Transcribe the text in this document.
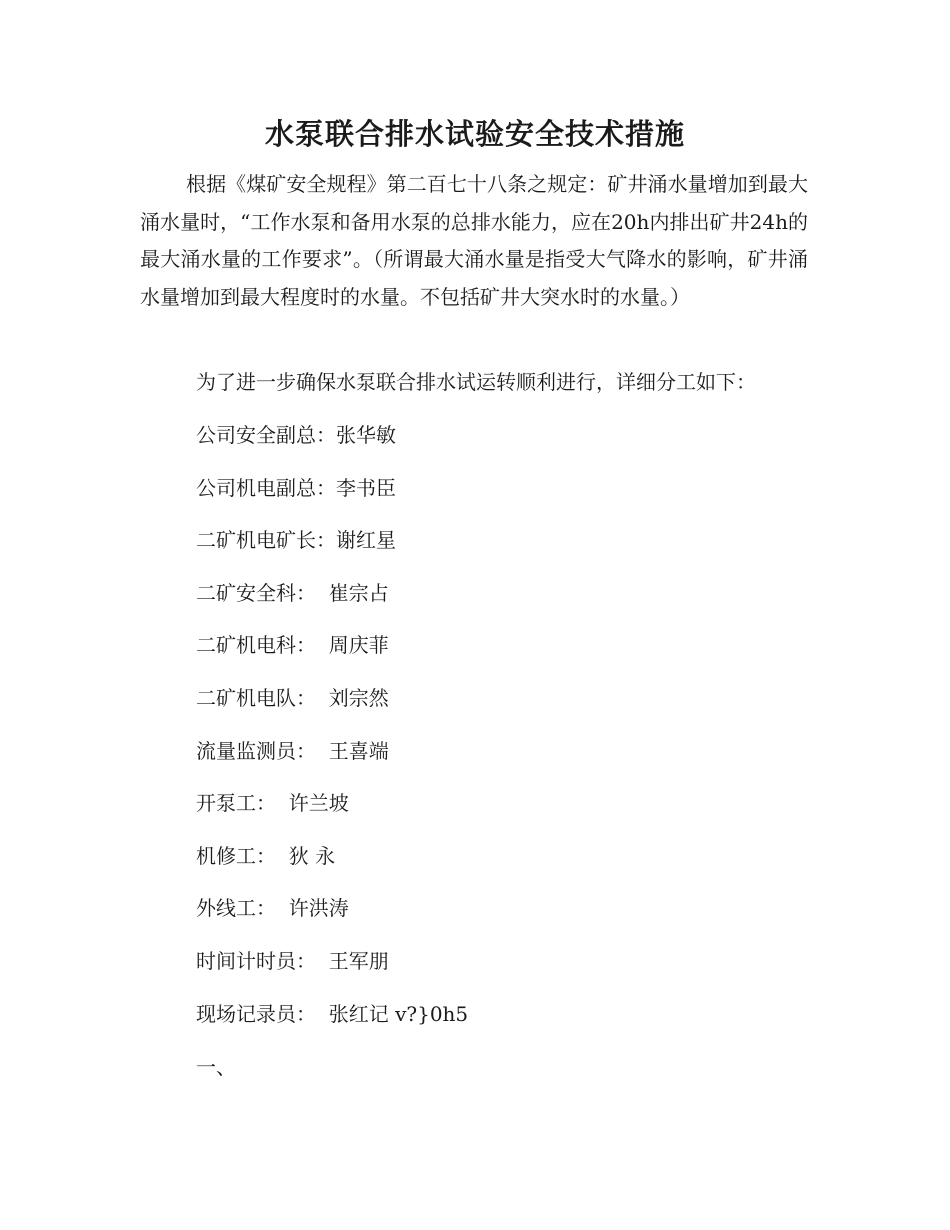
水泵联合排水试验安全技术措施

根据《煤矿安全规程》第二百七十八条之规定：矿井涌水量增加到最大涌水量时，“工作水泵和备用水泵的总排水能力，应在20h内排出矿井24h的最大涌水量的工作要求”。（所谓最大涌水量是指受大气降水的影响，矿井涌水量增加到最大程度时的水量。不包括矿井大突水时的水量。）

为了进一步确保水泵联合排水试运转顺利进行，详细分工如下：

公司安全副总：张华敏
公司机电副总：李书臣
二矿机电矿长：谢红星
二矿安全科：  崔宗占
二矿机电科：  周庆菲
二矿机电队：  刘宗然
流量监测员：  王喜端
开泵工：  许兰坡
机修工：  狄 永
外线工：  许洪涛
时间计时员：  王军朋
现场记录员：  张红记 v?}0h5

一、
